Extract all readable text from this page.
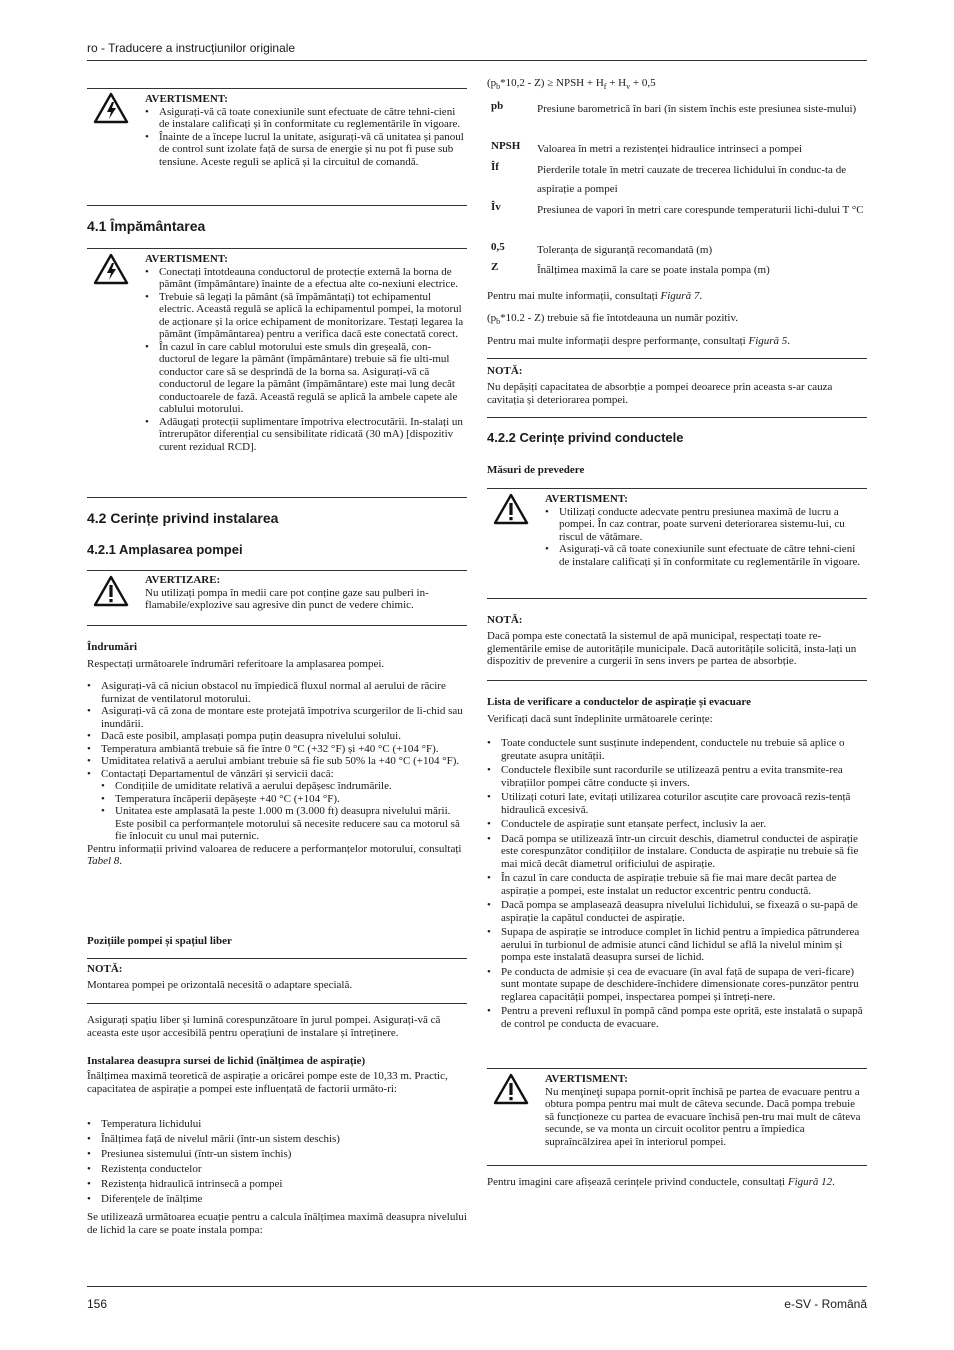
ro - Traducere a instrucțiunilor originale
156	e-SV - Română
AVERTISMENT:
• Asigurați-vă că toate conexiunile sunt efectuate de către tehni-cieni de instalare calificați și în conformitate cu reglementările în vigoare.
• Înainte de a începe lucrul la unitate, asigurați-vă că unitatea și panoul de control sunt izolate față de sursa de energie și nu pot fi puse sub tensiune. Aceste reguli se aplică și la circuitul de comandă.
4.1 Împământarea
AVERTISMENT:
• Conectați întotdeauna conductorul de protecție externă la borna de pământ (împământare) înainte de a efectua alte co-nexiuni electrice.
• Trebuie să legați la pământ (să împământați) tot echipamentul electric. Această regulă se aplică la echipamentul pompei, la motorul de acționare și la orice echipament de monitorizare. Testați legarea la pământ (împământarea) pentru a verifica dacă este conectată corect.
• În cazul în care cablul motorului este smuls din greșeală, con-ductorul de legare la pământ (împământare) trebuie să fie ulti-mul conductor care să se desprindă de la borna sa. Asigurați-vă că conductorul de legare la pământ (împământare) este mai lung decât conductoarele de fază. Această regulă se aplică la ambele capete ale cablului motorului.
• Adăugați protecții suplimentare împotriva electrocutării. In-stalați un întrerupător diferențial cu sensibilitate ridicată (30 mA) [dispozitiv curent rezidual RCD].
4.2 Cerințe privind instalarea
4.2.1 Amplasarea pompei
AVERTIZARE:
Nu utilizați pompa în medii care pot conține gaze sau pulberi in-flamabile/explozive sau agresive din punct de vedere chimic.
Îndrumări
Respectați următoarele îndrumări referitoare la amplasarea pompei.
• Asigurați-vă că niciun obstacol nu împiedică fluxul normal al aerului de răcire furnizat de ventilatorul motorului.
• Asigurați-vă că zona de montare este protejată împotriva scurgerilor de li-chid sau inundării.
• Dacă este posibil, amplasați pompa puțin deasupra nivelului solului.
• Temperatura ambiantă trebuie să fie între 0 °C (+32 °F) și +40 °C (+104 °F).
• Umiditatea relativă a aerului ambiant trebuie să fie sub 50% la +40 °C (+104 °F).
• Contactați Departamentul de vânzări și servicii dacă:
• Condițiile de umiditate relativă a aerului depășesc îndrumările.
• Temperatura încăperii depășește +40 °C (+104 °F).
• Unitatea este amplasată la peste 1.000 m (3.000 ft) deasupra nivelului mării. Este posibil ca performanțele motorului să necesite reducere sau ca motorul să fie înlocuit cu unul mai puternic.
Pentru informații privind valoarea de reducere a performanțelor motorului, consultați Tabel 8.
Pozițiile pompei și spațiul liber
NOTĂ:
Montarea pompei pe orizontală necesită o adaptare specială.
Asigurați spațiu liber și lumină corespunzătoare în jurul pompei. Asigurați-vă că aceasta este ușor accesibilă pentru operațiuni de instalare și întreținere.
Instalarea deasupra sursei de lichid (înălțimea de aspirație)
Înălțimea maximă teoretică de aspirație a oricărei pompe este de 10,33 m. Practic, capacitatea de aspirație a pompei este influențată de factorii următo-ri:
• Temperatura lichidului
• Înălțimea față de nivelul mării (într-un sistem deschis)
• Presiunea sistemului (într-un sistem închis)
• Rezistența conductelor
• Rezistența hidraulică intrinsecă a pompei
• Diferențele de înălțime
Se utilizează următoarea ecuație pentru a calcula înălțimea maximă deasupra nivelului de lichid la care se poate instala pompa:
$(p_b*10,2 - Z)$ ≥ NPSH + $H_f + H_v + 0,5$
pb	Presiune barometrică în bari (în sistem închis este presiunea siste-mului)
NPSH Valoarea în metri a rezistenței hidraulice intrinseci a pompei
Îf	Pierderile totale în metri cauzate de trecerea lichidului în conduc-ta de aspirație a pompei
Îv	Presiunea de vapori în metri care corespunde temperaturii lichi-dului T °C
0,5	Toleranța de siguranță recomandată (m)
Z	Înălțimea maximă la care se poate instala pompa (m)
Pentru mai multe informații, consultați Figură 7.
$(p_b*10.2 - Z)$ trebuie să fie întotdeauna un număr pozitiv.
Pentru mai multe informații despre performanțe, consultați Figură 5.
NOTĂ:
Nu depășiți capacitatea de absorbție a pompei deoarece prin aceasta s-ar cauza cavitația și deteriorarea pompei.
4.2.2 Cerințe privind conductele
Măsuri de prevedere
AVERTISMENT:
• Utilizați conducte adecvate pentru presiunea maximă de lucru a pompei. În caz contrar, poate surveni deteriorarea sistemu-lui, cu riscul de vătămare.
• Asigurați-vă că toate conexiunile sunt efectuate de către tehni-cieni de instalare calificați și în conformitate cu reglementările în vigoare.
NOTĂ:
Dacă pompa este conectată la sistemul de apă municipal, respectați toate re-glementările emise de autoritățile municipale. Dacă autoritățile solicită, insta-lați un dispozitiv de prevenire a curgerii în sens invers pe partea de absorbție.
Lista de verificare a conductelor de aspirație și evacuare
Verificați dacă sunt îndeplinite următoarele cerințe:
• Toate conductele sunt susținute independent, conductele nu trebuie să aplice o greutate asupra unității.
• Conductele flexibile sunt racordurile se utilizează pentru a evita transmite-rea vibrațiilor pompei către conducte și invers.
• Utilizați coturi late, evitați utilizarea coturilor ascuțite care provoacă rezis-tență hidraulică excesivă.
• Conductele de aspirație sunt etanșate perfect, inclusiv la aer.
• Dacă pompa se utilizează într-un circuit deschis, diametrul conductei de aspirație este corespunzător condițiilor de instalare. Conducta de aspirație nu trebuie să fie mai mică decât diametrul orificiului de aspirație.
• În cazul în care conducta de aspirație trebuie să fie mai mare decât partea de aspirație a pompei, este instalat un reductor excentric pentru conductă.
• Dacă pompa se amplasează deasupra nivelului lichidului, se fixează o su-papă de aspirație la capătul conductei de aspirație.
• Supapa de aspirație se introduce complet în lichid pentru a împiedica pătrunderea aerului în turbionul de admisie atunci când lichidul se află la nivelul minim și pompa este instalată deasupra sursei de lichid.
• Pe conducta de admisie și cea de evacuare (în aval față de supapa de veri-ficare) sunt montate supape de deschidere-închidere dimensionate cores-punzător pentru reglarea capacității pompei, inspectarea pompei și întreți-nere.
• Pentru a preveni refluxul în pompă când pompa este oprită, este instalată o supapă de control pe conducta de evacuare.
AVERTISMENT:
Nu menţineţi supapa pornit-oprit închisă pe partea de evacuare pentru a obtura pompa pentru mai mult de câteva secunde. Dacă pompa trebuie să funcționeze cu partea de evacuare închisă pen-tru mai mult de câteva secunde, se va monta un circuit ocolitor pentru a împiedica supraîncălzirea apei în interiorul pompei.
Pentru imagini care afișează cerințele privind conductele, consultați Figură 12.
